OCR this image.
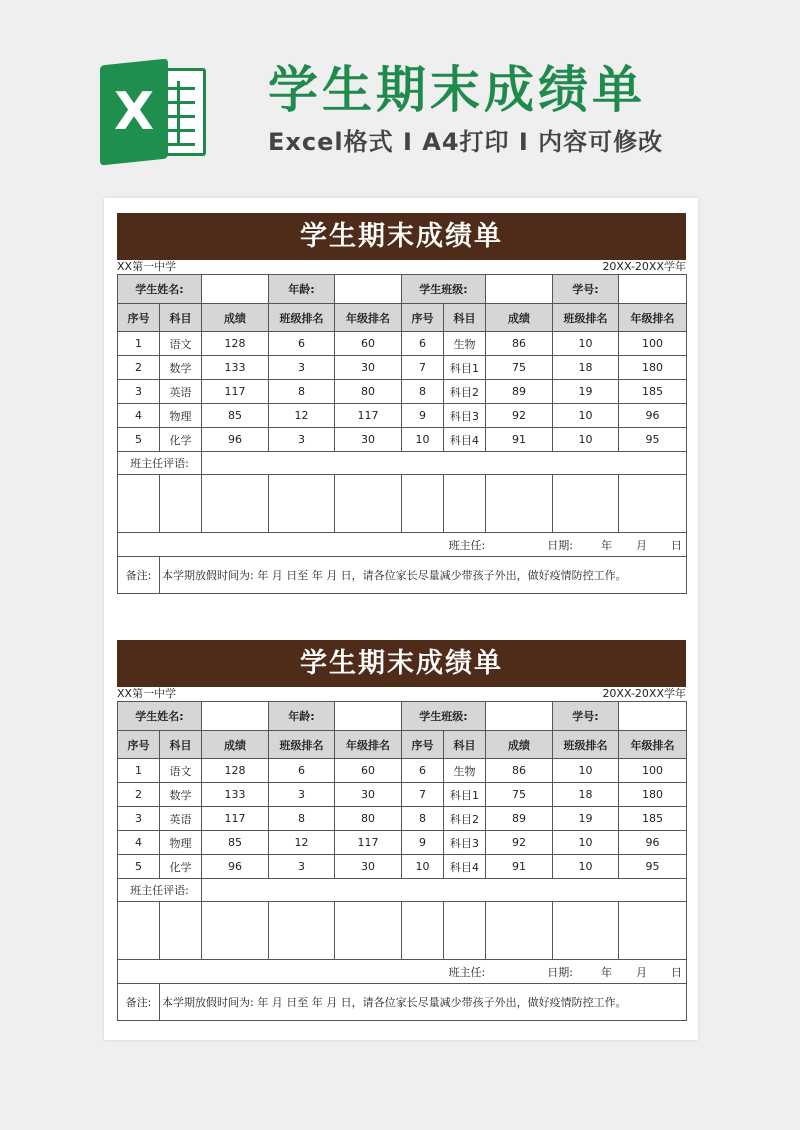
X 学生期末成绩单
Excel格式 I A4打印 I 内容可修改
学生期末成绩单
XX第一中学	20XX-20XX学年
学生姓名:			年龄:		学生班级:			学号:	
序号	科目	成绩	班级排名	年级排名	序号	科目	成绩	班级排名	年级排名
1	语文	128	6	60	6	生物	86	10	100
2	数学	133	3	30	7	科目1	75	18	180
3	英语	117	8	80	8	科目2	89	19	185
4	物理	85	12	117	9	科目3	92	10	96
5	化学	96	3	30	10	科目4	91	10	95
班主任评语:									

班主任: 日期: 年 月 日									
备注:	本学期放假时间为: 年 月 日至 年 月 日，请各位家长尽量减少带孩子外出，做好疫情防控工作。								
学生期末成绩单
XX第一中学	20XX-20XX学年
学生姓名:			年龄:		学生班级:			学号:	
序号	科目	成绩	班级排名	年级排名	序号	科目	成绩	班级排名	年级排名
1	语文	128	6	60	6	生物	86	10	100
2	数学	133	3	30	7	科目1	75	18	180
3	英语	117	8	80	8	科目2	89	19	185
4	物理	85	12	117	9	科目3	92	10	96
5	化学	96	3	30	10	科目4	91	10	95
班主任评语:									

班主任: 日期: 年 月 日									
备注:	本学期放假时间为: 年 月 日至 年 月 日，请各位家长尽量减少带孩子外出，做好疫情防控工作。								
